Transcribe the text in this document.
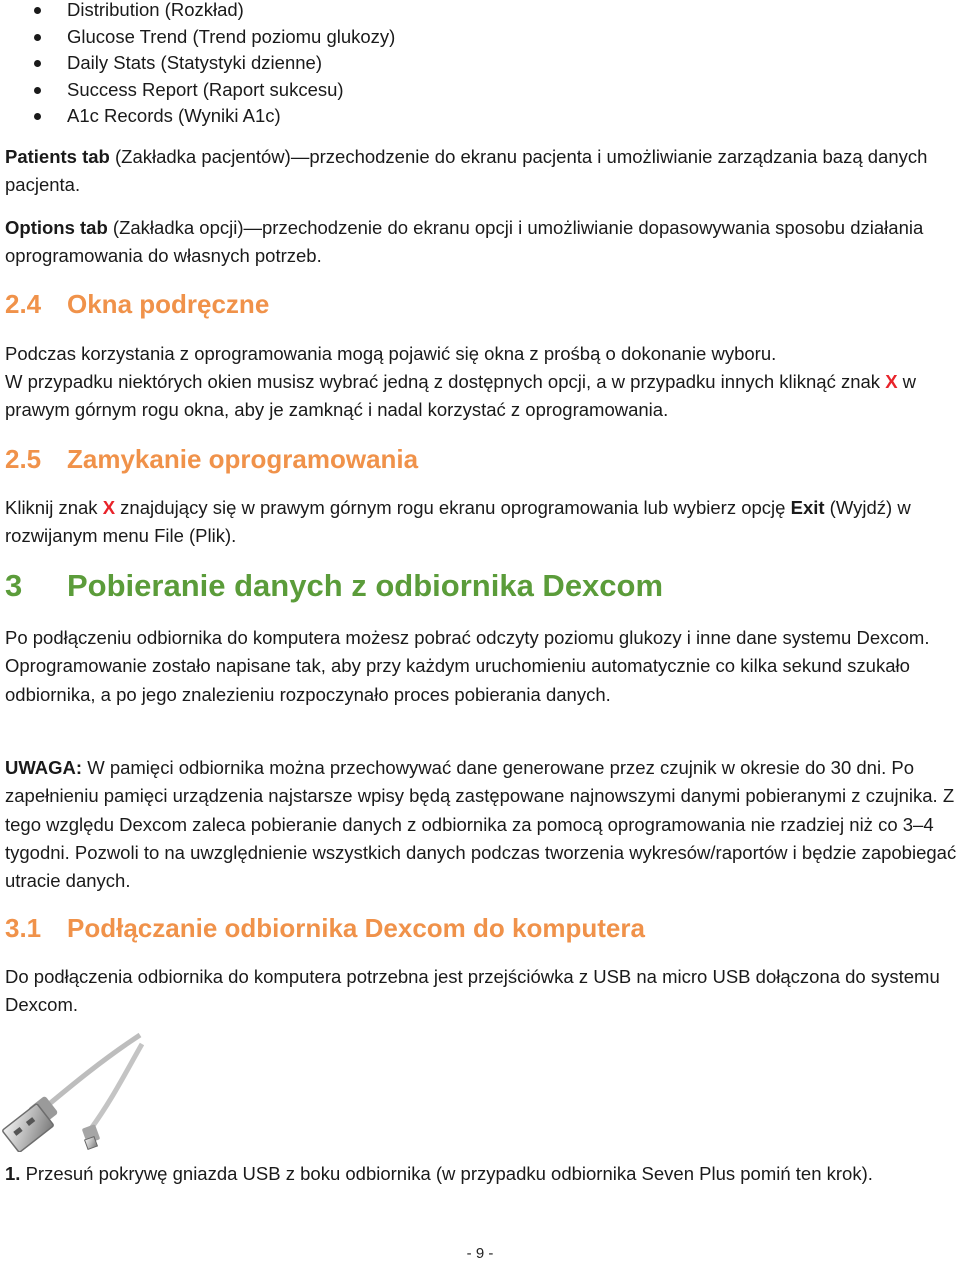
Distribution (Rozkład)
Glucose Trend (Trend poziomu glukozy)
Daily Stats (Statystyki dzienne)
Success Report (Raport sukcesu)
A1c Records (Wyniki A1c)

Patients tab (Zakładka pacjentów)—przechodzenie do ekranu pacjenta i umożliwianie zarządzania bazą danych pacjenta.

Options tab (Zakładka opcji)—przechodzenie do ekranu opcji i umożliwianie dopasowywania sposobu działania oprogramowania do własnych potrzeb.

2.4 Okna podręczne

Podczas korzystania z oprogramowania mogą pojawić się okna z prośbą o dokonanie wyboru.

W przypadku niektórych okien musisz wybrać jedną z dostępnych opcji, a w przypadku innych kliknąć znak X w prawym górnym rogu okna, aby je zamknąć i nadal korzystać z oprogramowania.

2.5 Zamykanie oprogramowania

Kliknij znak X znajdujący się w prawym górnym rogu ekranu oprogramowania lub wybierz opcję Exit (Wyjdź) w rozwijanym menu File (Plik).

3 Pobieranie danych z odbiornika Dexcom

Po podłączeniu odbiornika do komputera możesz pobrać odczyty poziomu glukozy i inne dane systemu Dexcom. Oprogramowanie zostało napisane tak, aby przy każdym uruchomieniu automatycznie co kilka sekund szukało odbiornika, a po jego znalezieniu rozpoczynało proces pobierania danych.

UWAGA: W pamięci odbiornika można przechowywać dane generowane przez czujnik w okresie do 30 dni. Po zapełnieniu pamięci urządzenia najstarsze wpisy będą zastępowane najnowszymi danymi pobieranymi z czujnika. Z tego względu Dexcom zaleca pobieranie danych z odbiornika za pomocą oprogramowania nie rzadziej niż co 3–4 tygodni. Pozwoli to na uwzględnienie wszystkich danych podczas tworzenia wykresów/raportów i będzie zapobiegać utracie danych.

3.1 Podłączanie odbiornika Dexcom do komputera

Do podłączenia odbiornika do komputera potrzebna jest przejściówka z USB na micro USB dołączona do systemu Dexcom.

1. Przesuń pokrywę gniazda USB z boku odbiornika (w przypadku odbiornika Seven Plus pomiń ten krok).

- 9 -
